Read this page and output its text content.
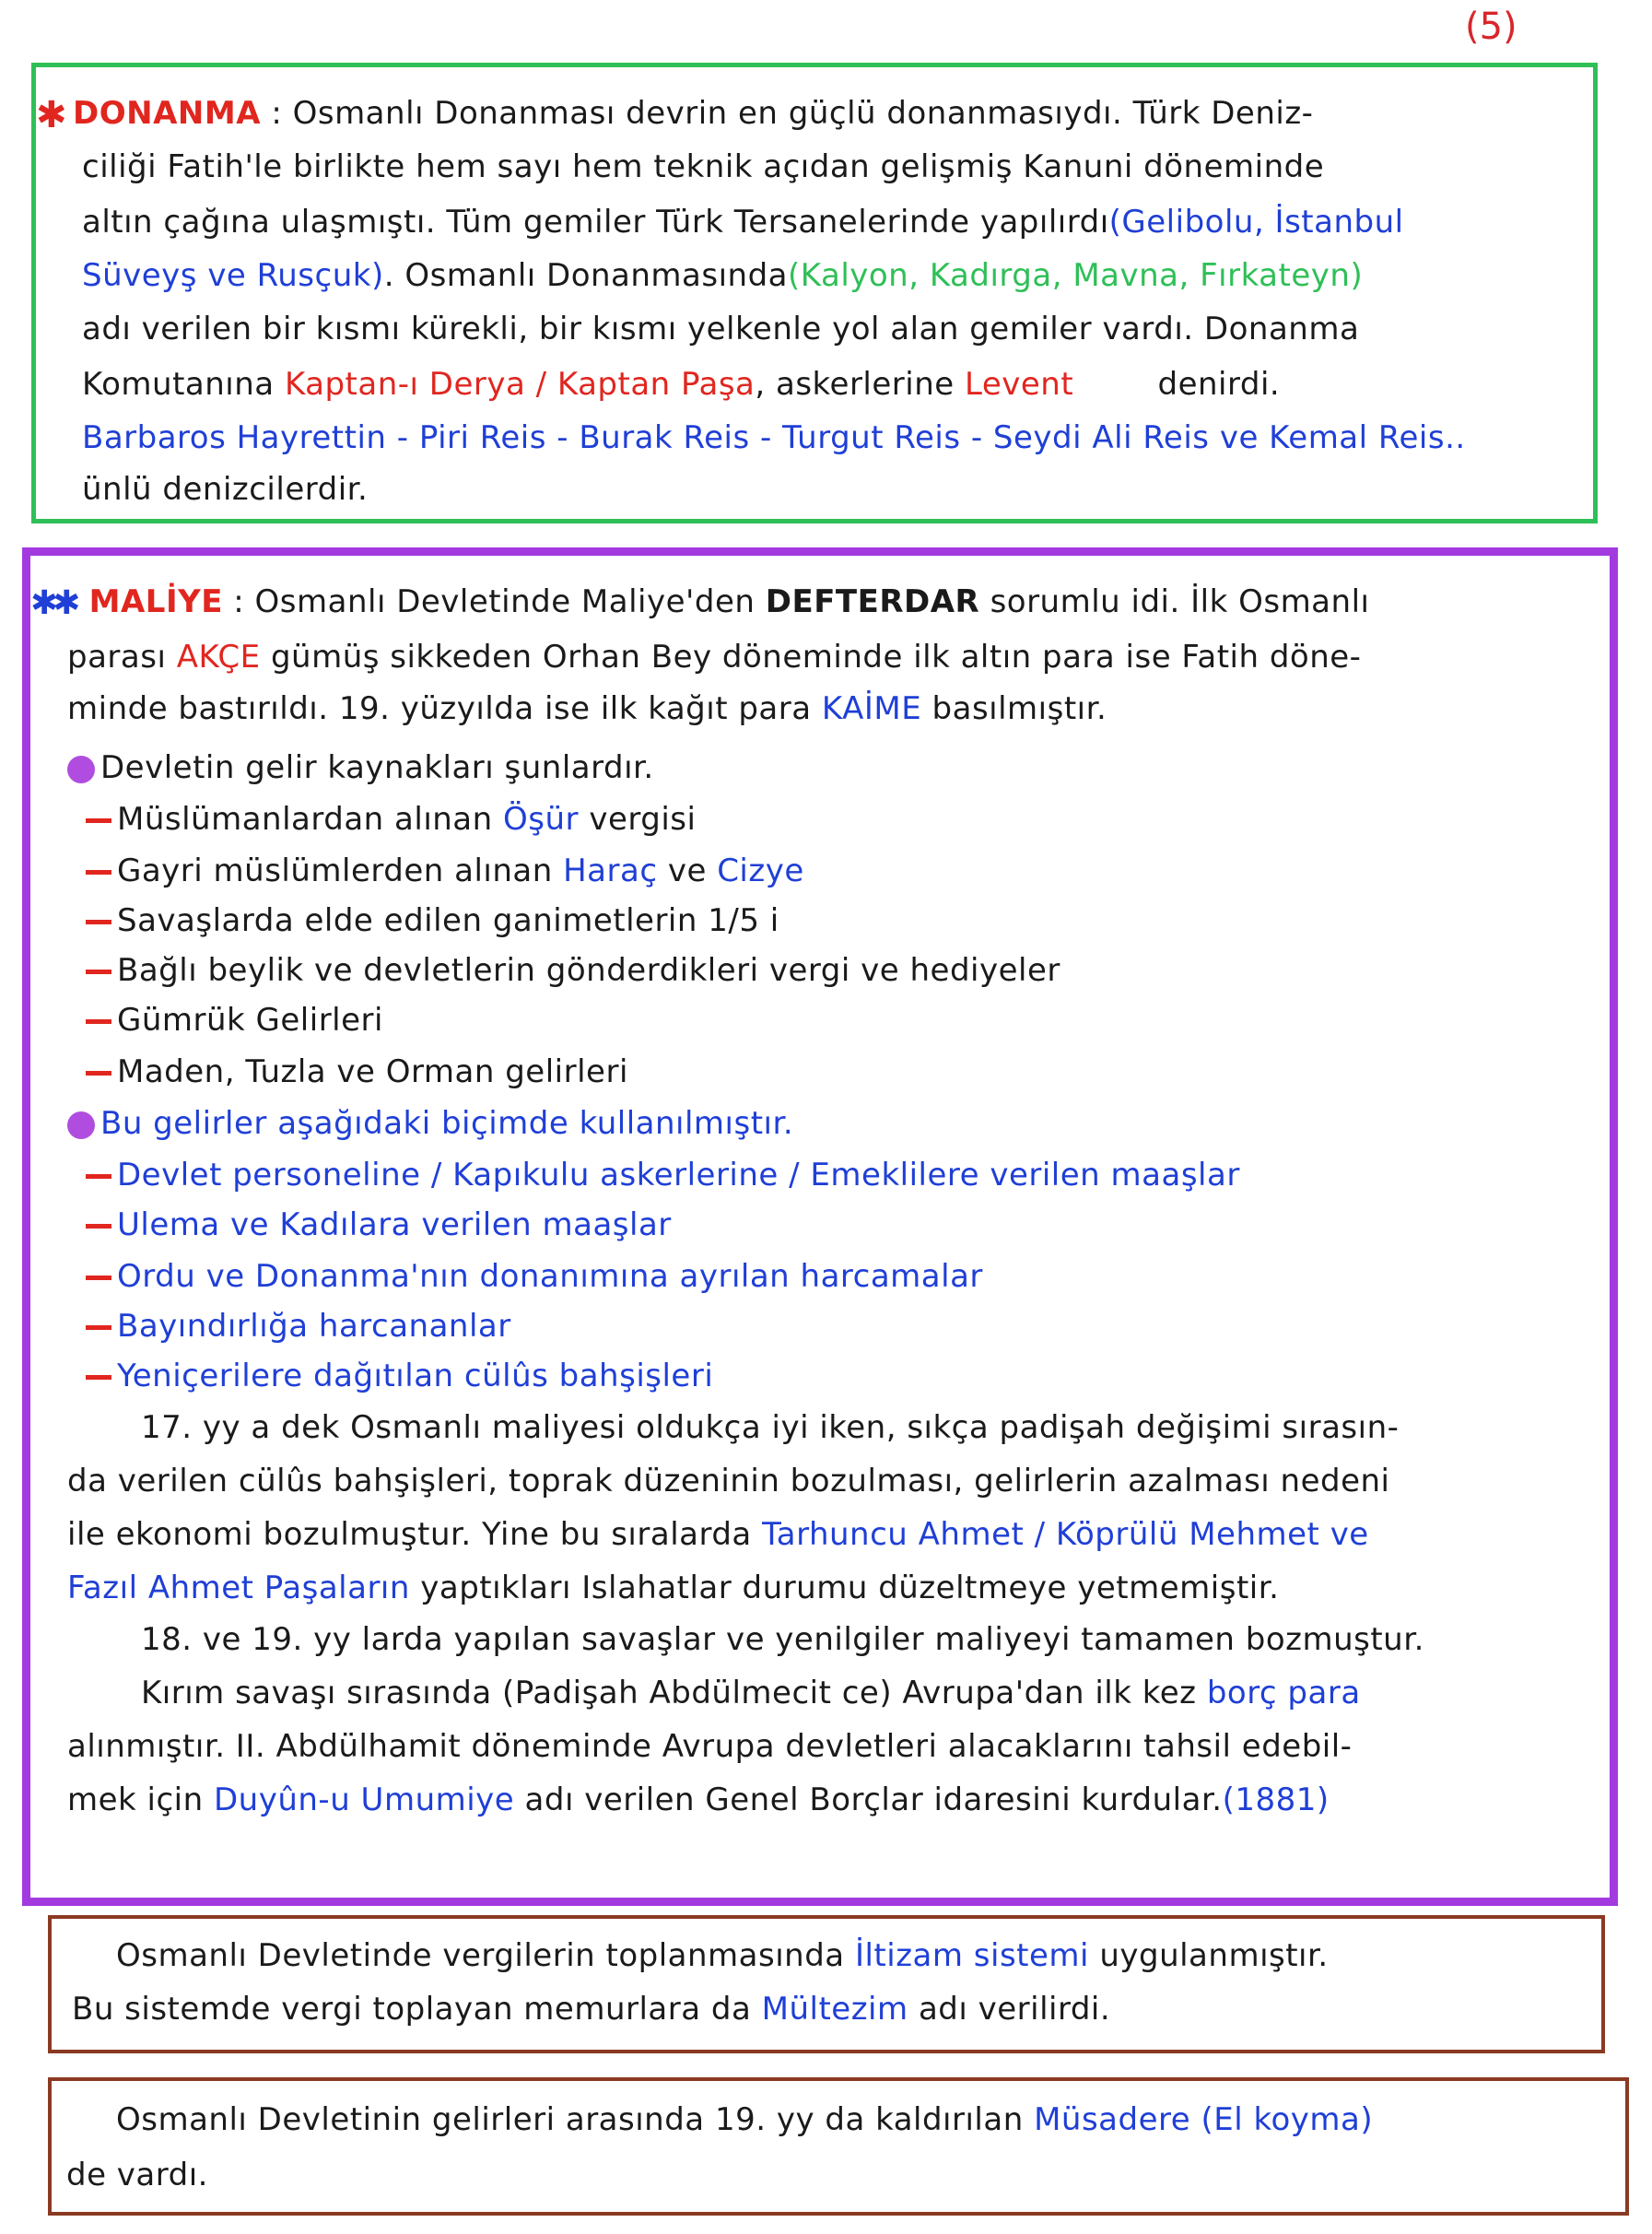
(5)
✱ DONANMA : Osmanlı Donanması devrin en güçlü donanmasıydı. Türk Deniz-
ciliği Fatih'le birlikte hem sayı hem teknik açıdan gelişmiş Kanuni döneminde
altın çağına ulaşmıştı. Tüm gemiler Türk Tersanelerinde yapılırdı(Gelibolu, İstanbul
Süveyş ve Rusçuk). Osmanlı Donanmasında(Kalyon, Kadırga, Mavna, Fırkateyn)
adı verilen bir kısmı kürekli, bir kısmı yelkenle yol alan gemiler vardı. Donanma
Komutanına Kaptan-ı Derya / Kaptan Paşa, askerlerine Levent	denirdi.
Barbaros Hayrettin - Piri Reis - Burak Reis - Turgut Reis - Seydi Ali Reis ve Kemal Reis..
ünlü denizcilerdir.
✱✱ MALİYE : Osmanlı Devletinde Maliye'den DEFTERDAR sorumlu idi. İlk Osmanlı
parası AKÇE gümüş sikkeden Orhan Bey döneminde ilk altın para ise Fatih döne-
minde bastırıldı. 19. yüzyılda ise ilk kağıt para KAİME basılmıştır.
Devletin gelir kaynakları şunlardır.
Müslümanlardan alınan Öşür vergisi
Gayri müslümlerden alınan Haraç ve Cizye
Savaşlarda elde edilen ganimetlerin 1/5 i
Bağlı beylik ve devletlerin gönderdikleri vergi ve hediyeler
Gümrük Gelirleri
Maden, Tuzla ve Orman gelirleri
Bu gelirler aşağıdaki biçimde kullanılmıştır.
Devlet personeline / Kapıkulu askerlerine / Emeklilere verilen maaşlar
Ulema ve Kadılara verilen maaşlar
Ordu ve Donanma'nın donanımına ayrılan harcamalar
Bayındırlığa harcananlar
Yeniçerilere dağıtılan cülûs bahşişleri
17. yy a dek Osmanlı maliyesi oldukça iyi iken, sıkça padişah değişimi sırasın-
da verilen cülûs bahşişleri, toprak düzeninin bozulması, gelirlerin azalması nedeni
ile ekonomi bozulmuştur. Yine bu sıralarda Tarhuncu Ahmet / Köprülü Mehmet ve
Fazıl Ahmet Paşaların yaptıkları Islahatlar durumu düzeltmeye yetmemiştir.
18. ve 19. yy larda yapılan savaşlar ve yenilgiler maliyeyi tamamen bozmuştur.
Kırım savaşı sırasında (Padişah Abdülmecit ce) Avrupa'dan ilk kez borç para
alınmıştır. II. Abdülhamit döneminde Avrupa devletleri alacaklarını tahsil edebil-
mek için Duyûn-u Umumiye adı verilen Genel Borçlar idaresini kurdular.(1881)
Osmanlı Devletinde vergilerin toplanmasında İltizam sistemi uygulanmıştır.
Bu sistemde vergi toplayan memurlara da Mültezim adı verilirdi.
Osmanlı Devletinin gelirleri arasında 19. yy da kaldırılan Müsadere (El koyma)
de vardı.
